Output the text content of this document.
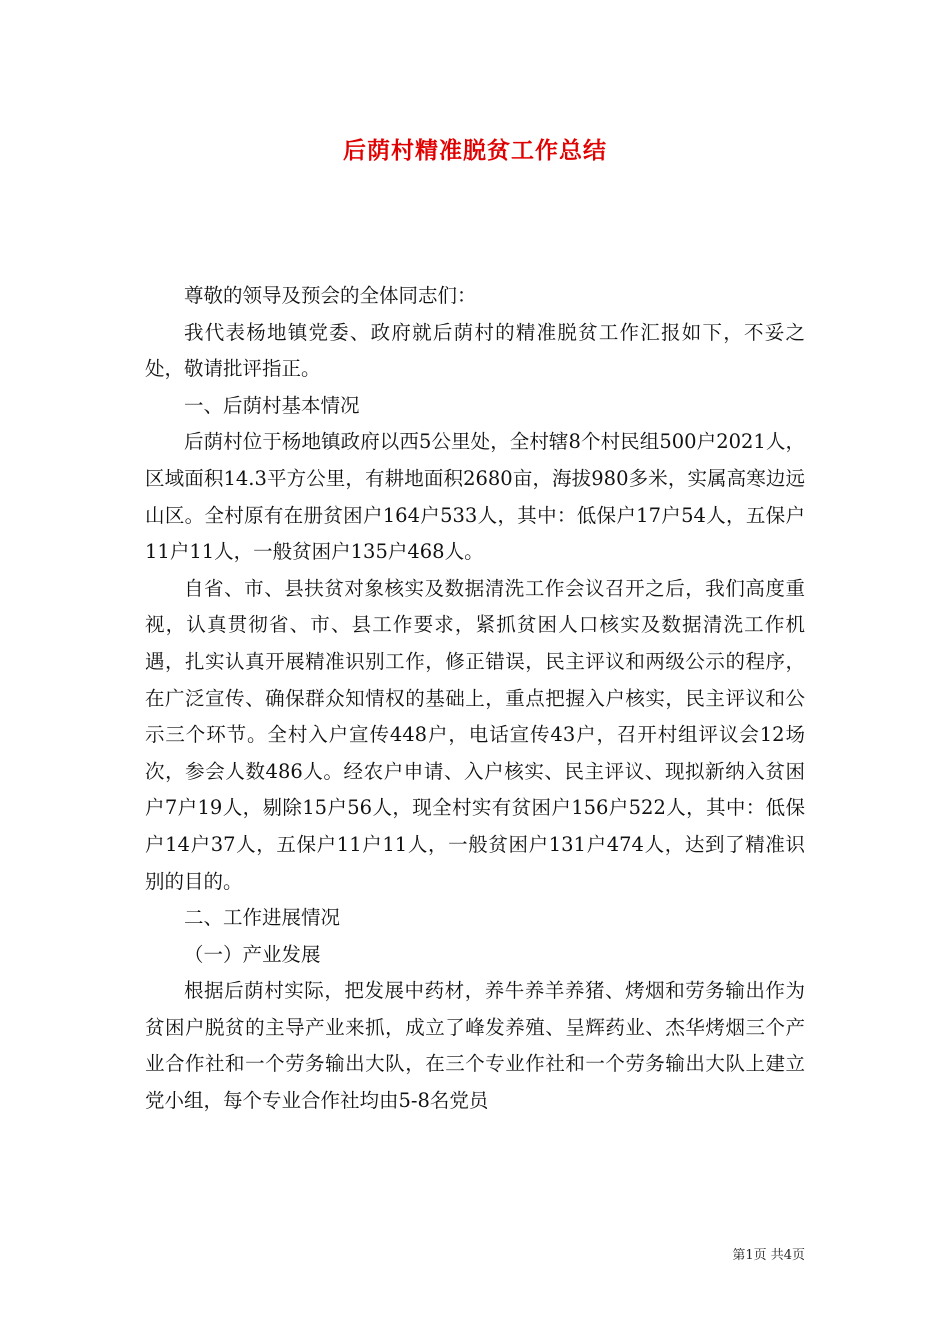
后荫村精准脱贫工作总结

尊敬的领导及预会的全体同志们：

我代表杨地镇党委、政府就后荫村的精准脱贫工作汇报如下，不妥之处，敬请批评指正。

一、后荫村基本情况

后荫村位于杨地镇政府以西5公里处，全村辖8个村民组500户2021人，区域面积14.3平方公里，有耕地面积2680亩，海拔980多米，实属高寒边远山区。全村原有在册贫困户164户533人，其中：低保户17户54人，五保户11户11人，一般贫困户135户468人。

自省、市、县扶贫对象核实及数据清洗工作会议召开之后，我们高度重视，认真贯彻省、市、县工作要求，紧抓贫困人口核实及数据清洗工作机遇，扎实认真开展精准识别工作，修正错误，民主评议和两级公示的程序，在广泛宣传、确保群众知情权的基础上，重点把握入户核实，民主评议和公示三个环节。全村入户宣传448户，电话宣传43户，召开村组评议会12场次，参会人数486人。经农户申请、入户核实、民主评议、现拟新纳入贫困户7户19人，剔除15户56人，现全村实有贫困户156户522人，其中：低保户14户37人，五保户11户11人，一般贫困户131户474人，达到了精准识别的目的。

二、工作进展情况

（一）产业发展

根据后荫村实际，把发展中药材，养牛养羊养猪、烤烟和劳务输出作为贫困户脱贫的主导产业来抓，成立了峰发养殖、呈辉药业、杰华烤烟三个产业合作社和一个劳务输出大队，在三个专业作社和一个劳务输出大队上建立党小组，每个专业合作社均由5-8名党员

第1页 共4页
